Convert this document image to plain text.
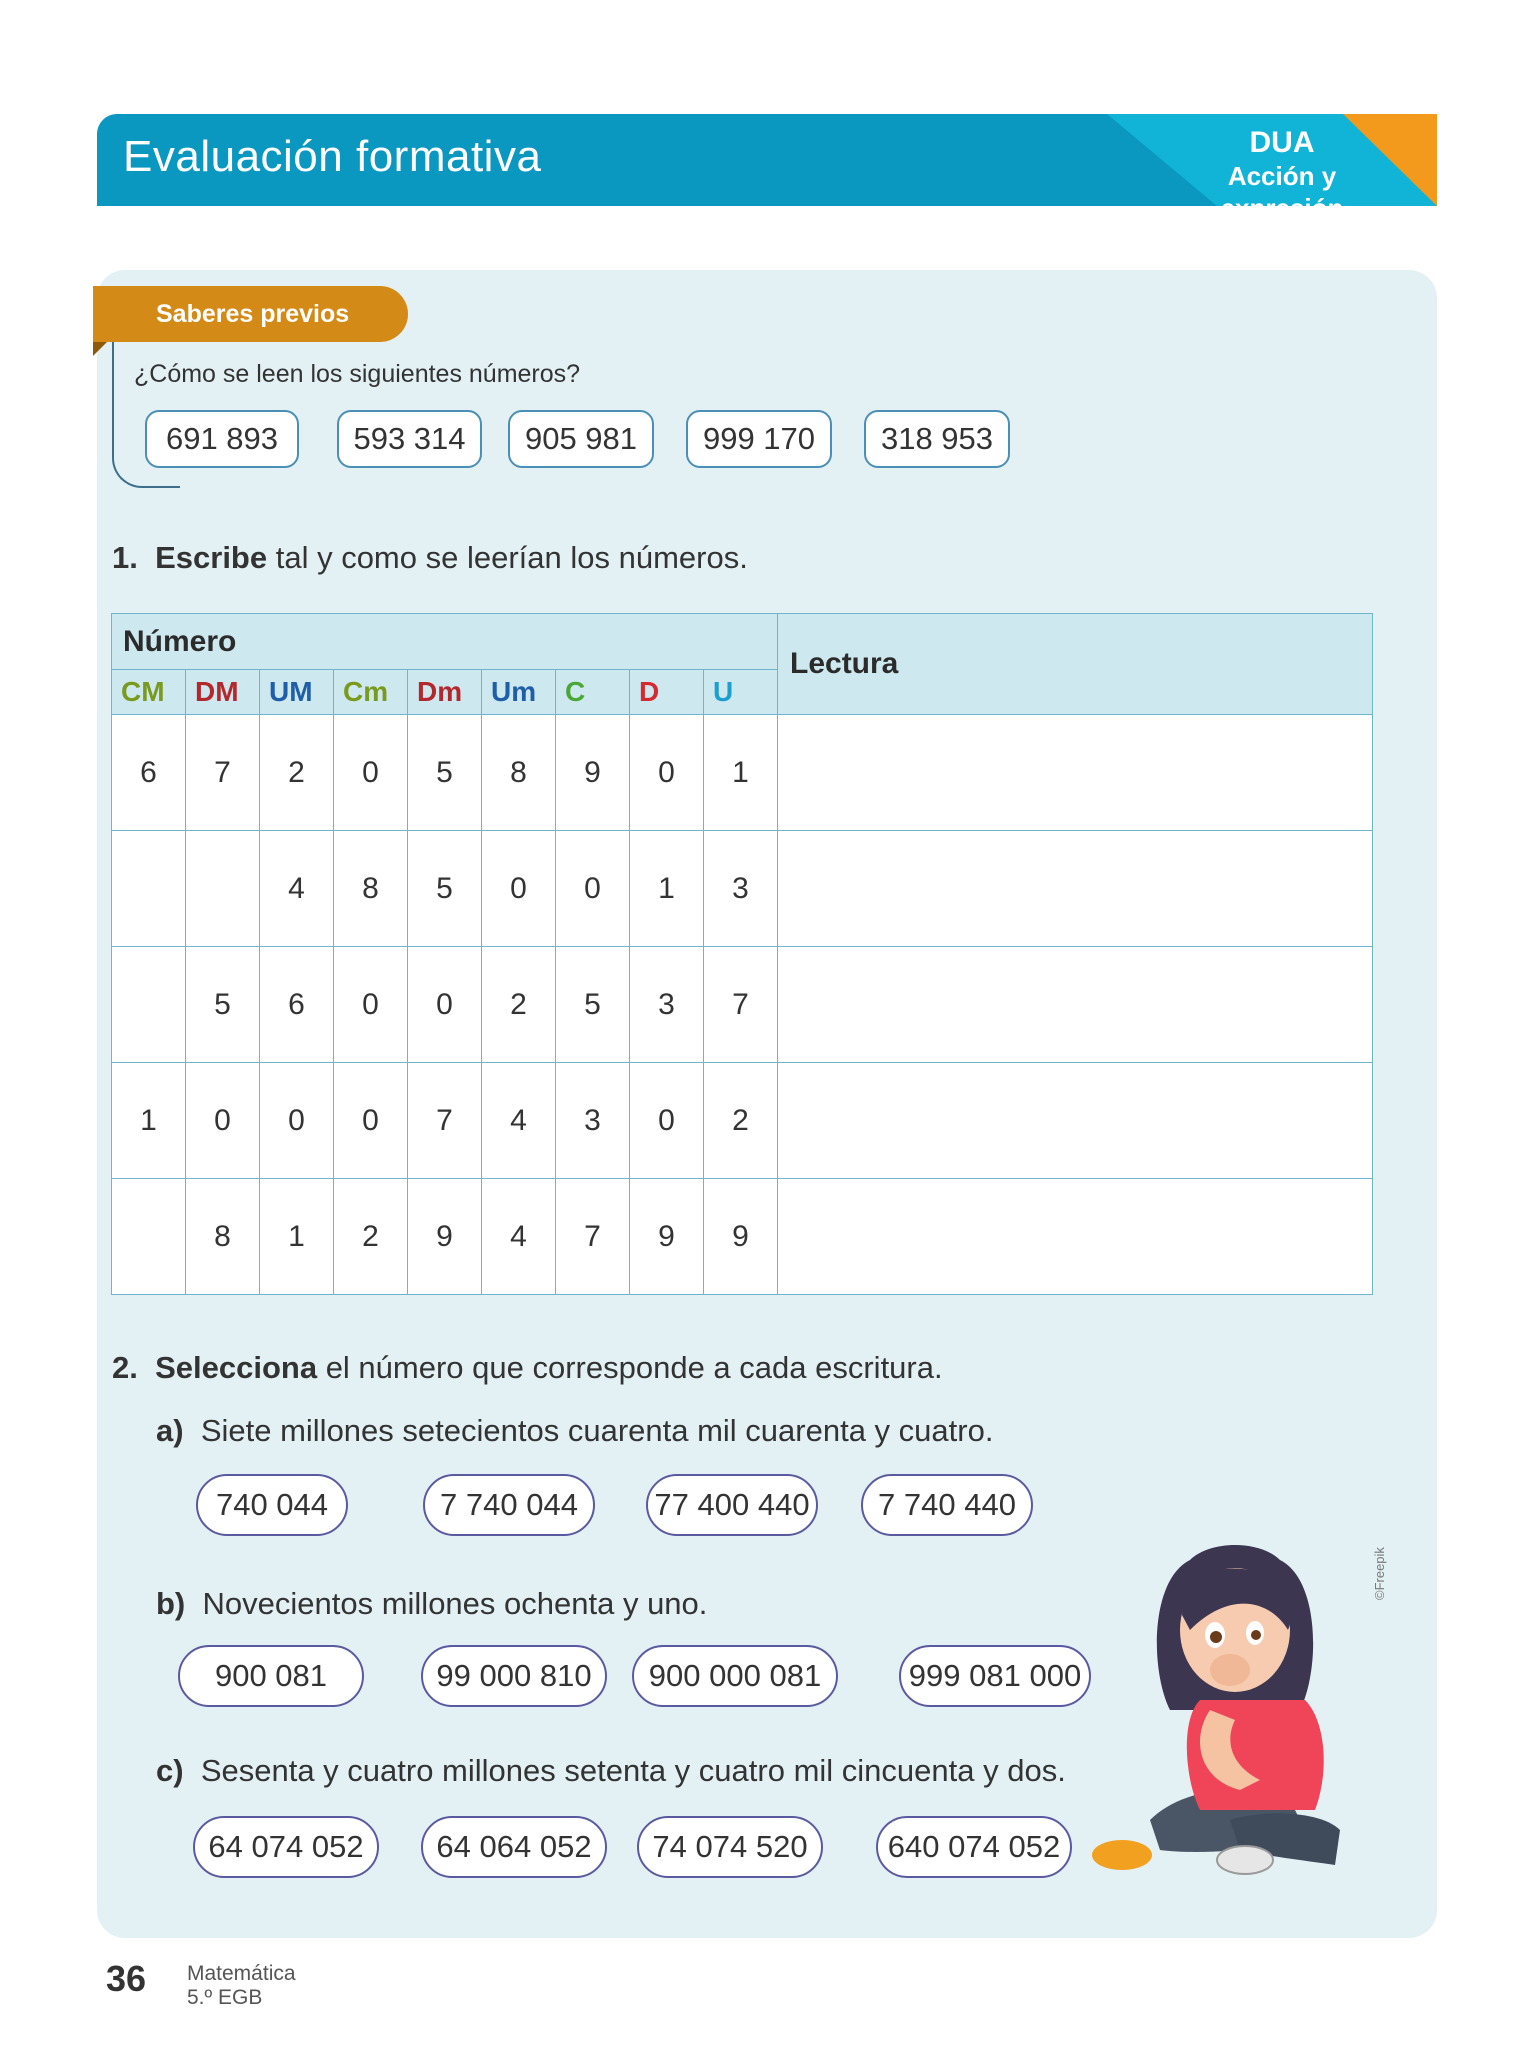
Evaluación formativa	DUA
Acción y expresión
Saberes previos
¿Cómo se leen los siguientes números?
691 893	593 314	905 981	999 170	318 953
1. Escribe tal y como se leerían los números.
Número									Lectura
CM	DM	UM	Cm	Dm	Um	C	D	U	
6	7	2	0	5	8	9	0	1	
		4	8	5	0	0	1	3	
	5	6	0	0	2	5	3	7	
1	0	0	0	7	4	3	0	2	
	8	1	2	9	4	7	9	9	
2. Selecciona el número que corresponde a cada escritura.
a) Siete millones setecientos cuarenta mil cuarenta y cuatro.
740 044	7 740 044	77 400 440	7 740 440
b) Novecientos millones ochenta y uno.
900 081	99 000 810	900 000 081	999 081 000
c) Sesenta y cuatro millones setenta y cuatro mil cincuenta y dos.
64 074 052	64 064 052	74 074 520	640 074 052
©Freepik
36 Matemática
5.º EGB
